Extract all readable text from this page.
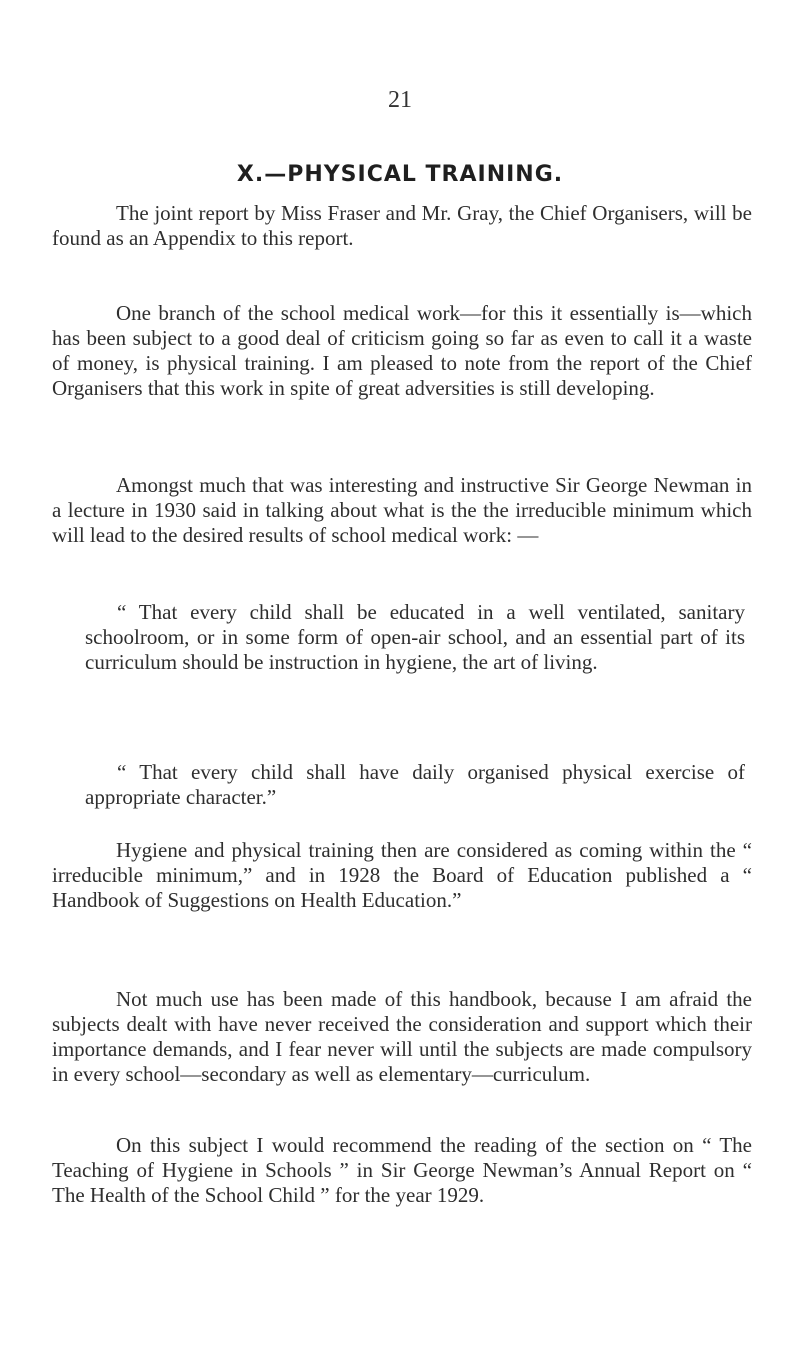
21
X.—PHYSICAL TRAINING.

The joint report by Miss Fraser and Mr. Gray, the Chief Organisers, will be found as an Appendix to this report.

One branch of the school medical work—for this it essentially is—which has been subject to a good deal of criticism going so far as even to call it a waste of money, is physical training. I am pleased to note from the report of the Chief Organisers that this work in spite of great adversities is still developing.

Amongst much that was interesting and instructive Sir George Newman in a lecture in 1930 said in talking about what is the the irreducible minimum which will lead to the desired results of school medical work: —

“ That every child shall be educated in a well ventilated, sanitary schoolroom, or in some form of open-air school, and an essential part of its curriculum should be instruction in hygiene, the art of living.

“ That every child shall have daily organised physical exercise of appropriate character.”

Hygiene and physical training then are considered as coming within the “ irreducible minimum,” and in 1928 the Board of Education published a “ Handbook of Suggestions on Health Education.”

Not much use has been made of this handbook, because I am afraid the subjects dealt with have never received the consideration and support which their importance demands, and I fear never will until the subjects are made compulsory in every school—secondary as well as elementary—curriculum.

On this subject I would recommend the reading of the section on “ The Teaching of Hygiene in Schools ” in Sir George Newman’s Annual Report on “ The Health of the School Child ” for the year 1929.
